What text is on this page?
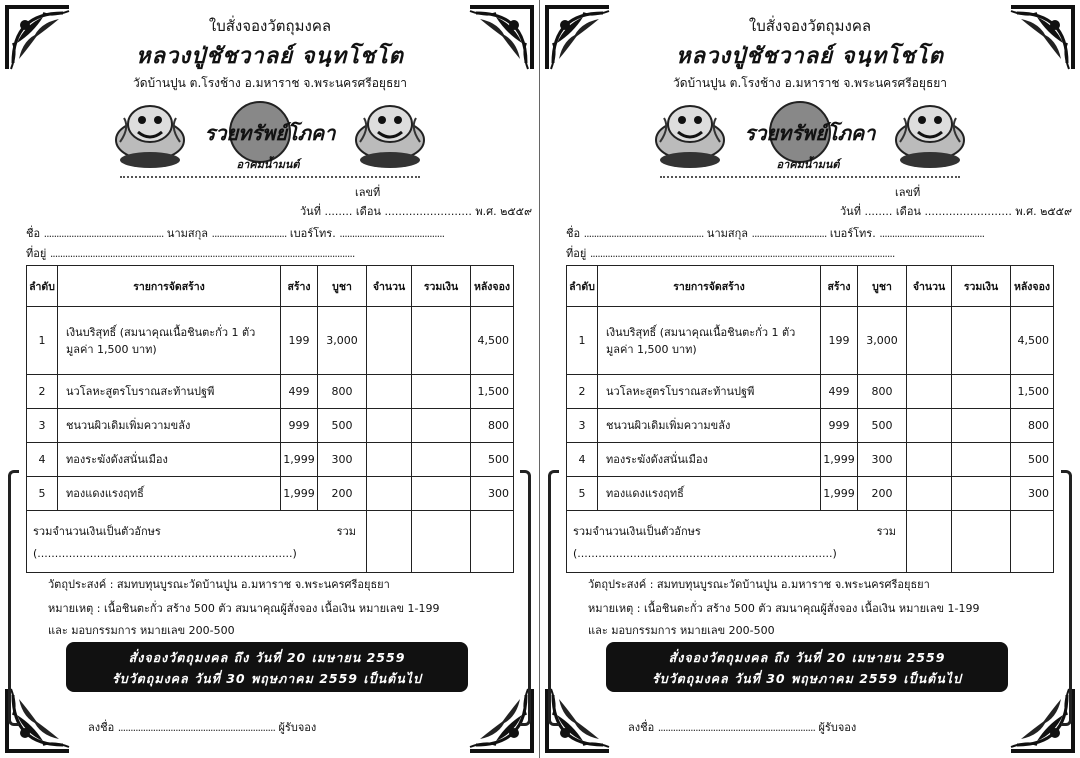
ใบสั่งจองวัตถุมงคล
หลวงปู่ชัชวาลย์ จนฺทโชโต
วัดบ้านปูน ต.โรงช้าง อ.มหาราช จ.พระนครศรีอยุธยา
รวยทรัพย์โภคา
อาคมน้ำมนต์
เลขที่
วันที่ ........ เดือน ......................... พ.ศ. ๒๕๕๙
ชื่อ ................................................ นามสกุล .............................. เบอร์โทร. ..........................................
ที่อยู่ ..........................................................................................................................
ลำดับ	รายการจัดสร้าง	สร้าง	บูชา	จำนวน	รวมเงิน	หลังจอง
1	เงินบริสุทธิ์ (สมนาคุณเนื้อชินตะกั่ว 1 ตัว มูลค่า 1,500 บาท)	199	3,000			4,500
2	นวโลหะสูตรโบราณสะท้านปฐพี	499	800			1,500
3	ชนวนผิวเดิมเพิ่มความขลัง	999	500			800
4	ทองระฆังดังสนั่นเมือง	1,999	300			500
5	ทองแดงแรงฤทธิ์	1,999	200			300

รวม
รวมจำนวนเงินเป็นตัวอักษร
(.........................................................................)						
วัตถุประสงค์ : สมทบทุนบูรณะวัดบ้านปูน อ.มหาราช จ.พระนครศรีอยุธยา
หมายเหตุ : เนื้อชินตะกั่ว สร้าง 500 ตัว สมนาคุณผู้สั่งจอง เนื้อเงิน หมายเลข 1-199
และ มอบกรรมการ หมายเลข 200-500
สั่งจองวัตถุมงคล ถึง วันที่ 20 เมษายน 2559
รับวัตถุมงคล วันที่ 30 พฤษภาคม 2559 เป็นต้นไป
ลงชื่อ ............................................................... ผู้รับจอง
ใบสั่งจองวัตถุมงคล
หลวงปู่ชัชวาลย์ จนฺทโชโต
วัดบ้านปูน ต.โรงช้าง อ.มหาราช จ.พระนครศรีอยุธยา
รวยทรัพย์โภคา
อาคมน้ำมนต์
เลขที่
วันที่ ........ เดือน ......................... พ.ศ. ๒๕๕๙
ชื่อ ................................................ นามสกุล .............................. เบอร์โทร. ..........................................
ที่อยู่ ..........................................................................................................................
ลำดับ	รายการจัดสร้าง	สร้าง	บูชา	จำนวน	รวมเงิน	หลังจอง
1	เงินบริสุทธิ์ (สมนาคุณเนื้อชินตะกั่ว 1 ตัว มูลค่า 1,500 บาท)	199	3,000			4,500
2	นวโลหะสูตรโบราณสะท้านปฐพี	499	800			1,500
3	ชนวนผิวเดิมเพิ่มความขลัง	999	500			800
4	ทองระฆังดังสนั่นเมือง	1,999	300			500
5	ทองแดงแรงฤทธิ์	1,999	200			300

รวม
รวมจำนวนเงินเป็นตัวอักษร
(.........................................................................)						
วัตถุประสงค์ : สมทบทุนบูรณะวัดบ้านปูน อ.มหาราช จ.พระนครศรีอยุธยา
หมายเหตุ : เนื้อชินตะกั่ว สร้าง 500 ตัว สมนาคุณผู้สั่งจอง เนื้อเงิน หมายเลข 1-199
และ มอบกรรมการ หมายเลข 200-500
สั่งจองวัตถุมงคล ถึง วันที่ 20 เมษายน 2559
รับวัตถุมงคล วันที่ 30 พฤษภาคม 2559 เป็นต้นไป
ลงชื่อ ............................................................... ผู้รับจอง
